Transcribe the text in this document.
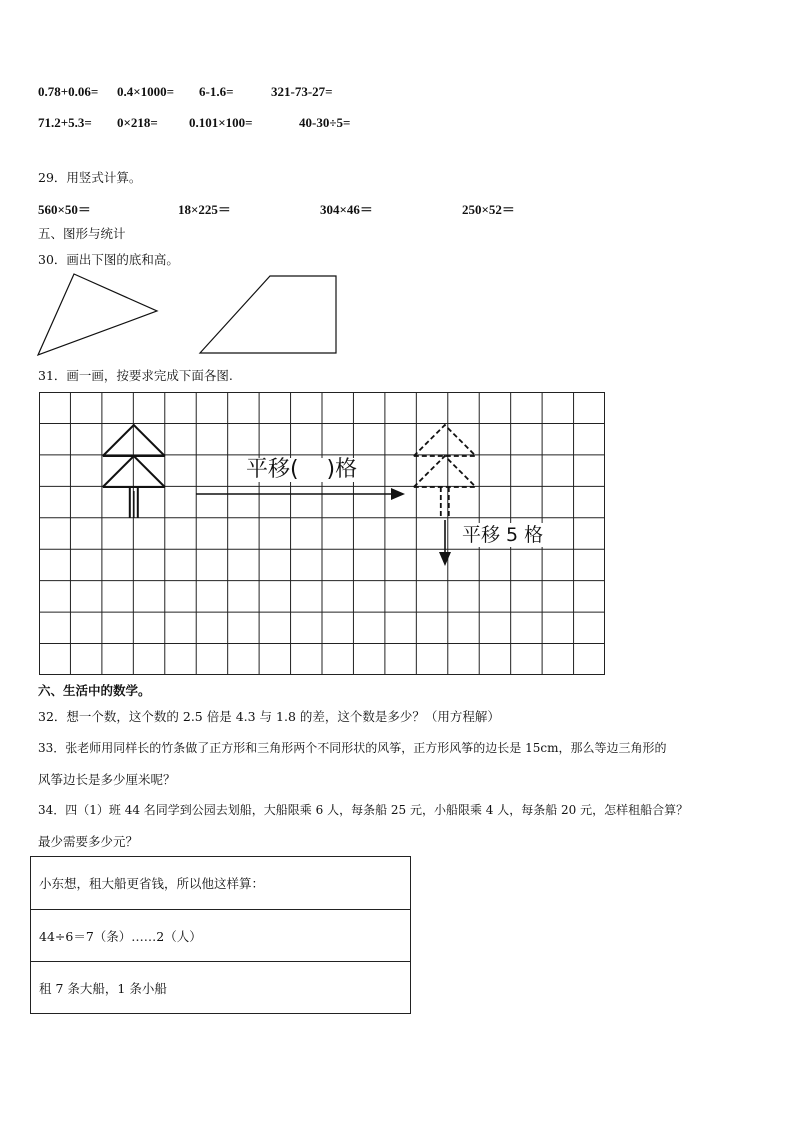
0.78+0.06= 0.4×1000= 6-1.6=	321-73-27=
71.2+5.3= 0×218= 0.101×100=	40-30÷5=
29．用竖式计算。
560×50＝	18×225＝	304×46＝	250×52＝
五、图形与统计
30．画出下图的底和高。
31．画一画，按要求完成下面各图.
平移(    )格
平移 5 格
六、生活中的数学。
32．想一个数，这个数的 2.5 倍是 4.3 与 1.8 的差，这个数是多少？（用方程解）
33．张老师用同样长的竹条做了正方形和三角形两个不同形状的风筝，正方形风筝的边长是 15cm，那么等边三角形的
风筝边长是多少厘米呢？
34．四（1）班 44 名同学到公园去划船，大船限乘 6 人，每条船 25 元，小船限乘 4 人，每条船 20 元，怎样租船合算？
最少需要多少元？
小东想，租大船更省钱，所以他这样算：
44÷6＝7（条）……2（人）
租 7 条大船，1 条小船
